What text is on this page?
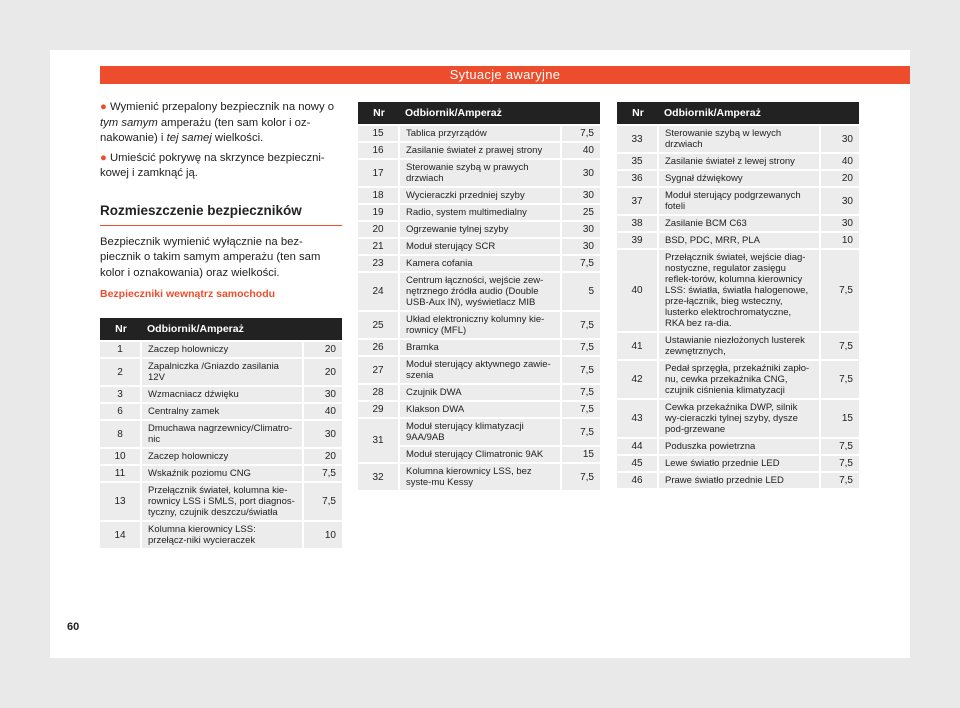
Sytuacje awaryjne
● Wymienić przepalony bezpiecznik na nowy o tym samym amperażu (ten sam kolor i oz-nakowanie) i tej samej wielkości.
● Umieścić pokrywę na skrzynce bezpieczni-kowej i zamknąć ją.
Rozmieszczenie bezpieczników
Bezpiecznik wymienić wyłącznie na bez-piecznik o takim samym amperażu (ten sam kolor i oznakowania) oraz wielkości.
Bezpieczniki wewnątrz samochodu
Nr	Odbiornik/Amperaż	
1	Zaczep holowniczy	20
2	Zapalniczka /Gniazdo zasilania 12V	20
3	Wzmacniacz dźwięku	30
6	Centralny zamek	40
8	Dmuchawa nagrzewnicy/Climatro-nic	30
10	Zaczep holowniczy	20
11	Wskaźnik poziomu CNG	7,5
13	Przełącznik świateł, kolumna kie-rownicy LSS i SMLS, port diagnos-tyczny, czujnik deszczu/światła	7,5
14	Kolumna kierownicy LSS: przełącz-niki wycieraczek	10
Nr	Odbiornik/Amperaż	
15	Tablica przyrządów	7,5
16	Zasilanie świateł z prawej strony	40
17	Sterowanie szybą w prawych drzwiach	30
18	Wycieraczki przedniej szyby	30
19	Radio, system multimedialny	25
20	Ogrzewanie tylnej szyby	30
21	Moduł sterujący SCR	30
23	Kamera cofania	7,5
24	Centrum łączności, wejście zew-nętrznego źródła audio (Double USB-Aux IN), wyświetlacz MIB	5
25	Układ elektroniczny kolumny kie-rownicy (MFL)	7,5
26	Bramka	7,5
27	Moduł sterujący aktywnego zawie-szenia	7,5
28	Czujnik DWA	7,5
29	Klakson DWA	7,5
31	Moduł sterujący klimatyzacji 9AA/9AB	7,5
	Moduł sterujący Climatronic 9AK	15
32	Kolumna kierownicy LSS, bez syste-mu Kessy	7,5
Nr	Odbiornik/Amperaż	
33	Sterowanie szybą w lewych drzwiach	30
35	Zasilanie świateł z lewej strony	40
36	Sygnał dźwiękowy	20
37	Moduł sterujący podgrzewanych foteli	30
38	Zasilanie BCM C63	30
39	BSD, PDC, MRR, PLA	10
40	Przełącznik świateł, wejście diag-nostyczne, regulator zasięgu reflek-torów, kolumna kierownicy LSS: światła, światła halogenowe, prze-łącznik, bieg wsteczny, lusterko elektrochromatyczne, RKA bez ra-dia.	7,5
41	Ustawianie niezłożonych lusterek zewnętrznych,	7,5
42	Pedał sprzęgła, przekaźniki zapło-nu, cewka przekaźnika CNG, czujnik ciśnienia klimatyzacji	7,5
43	Cewka przekaźnika DWP, silnik wy-cieraczki tylnej szyby, dysze pod-grzewane	15
44	Poduszka powietrzna	7,5
45	Lewe światło przednie LED	7,5
46	Prawe światło przednie LED	7,5
60
